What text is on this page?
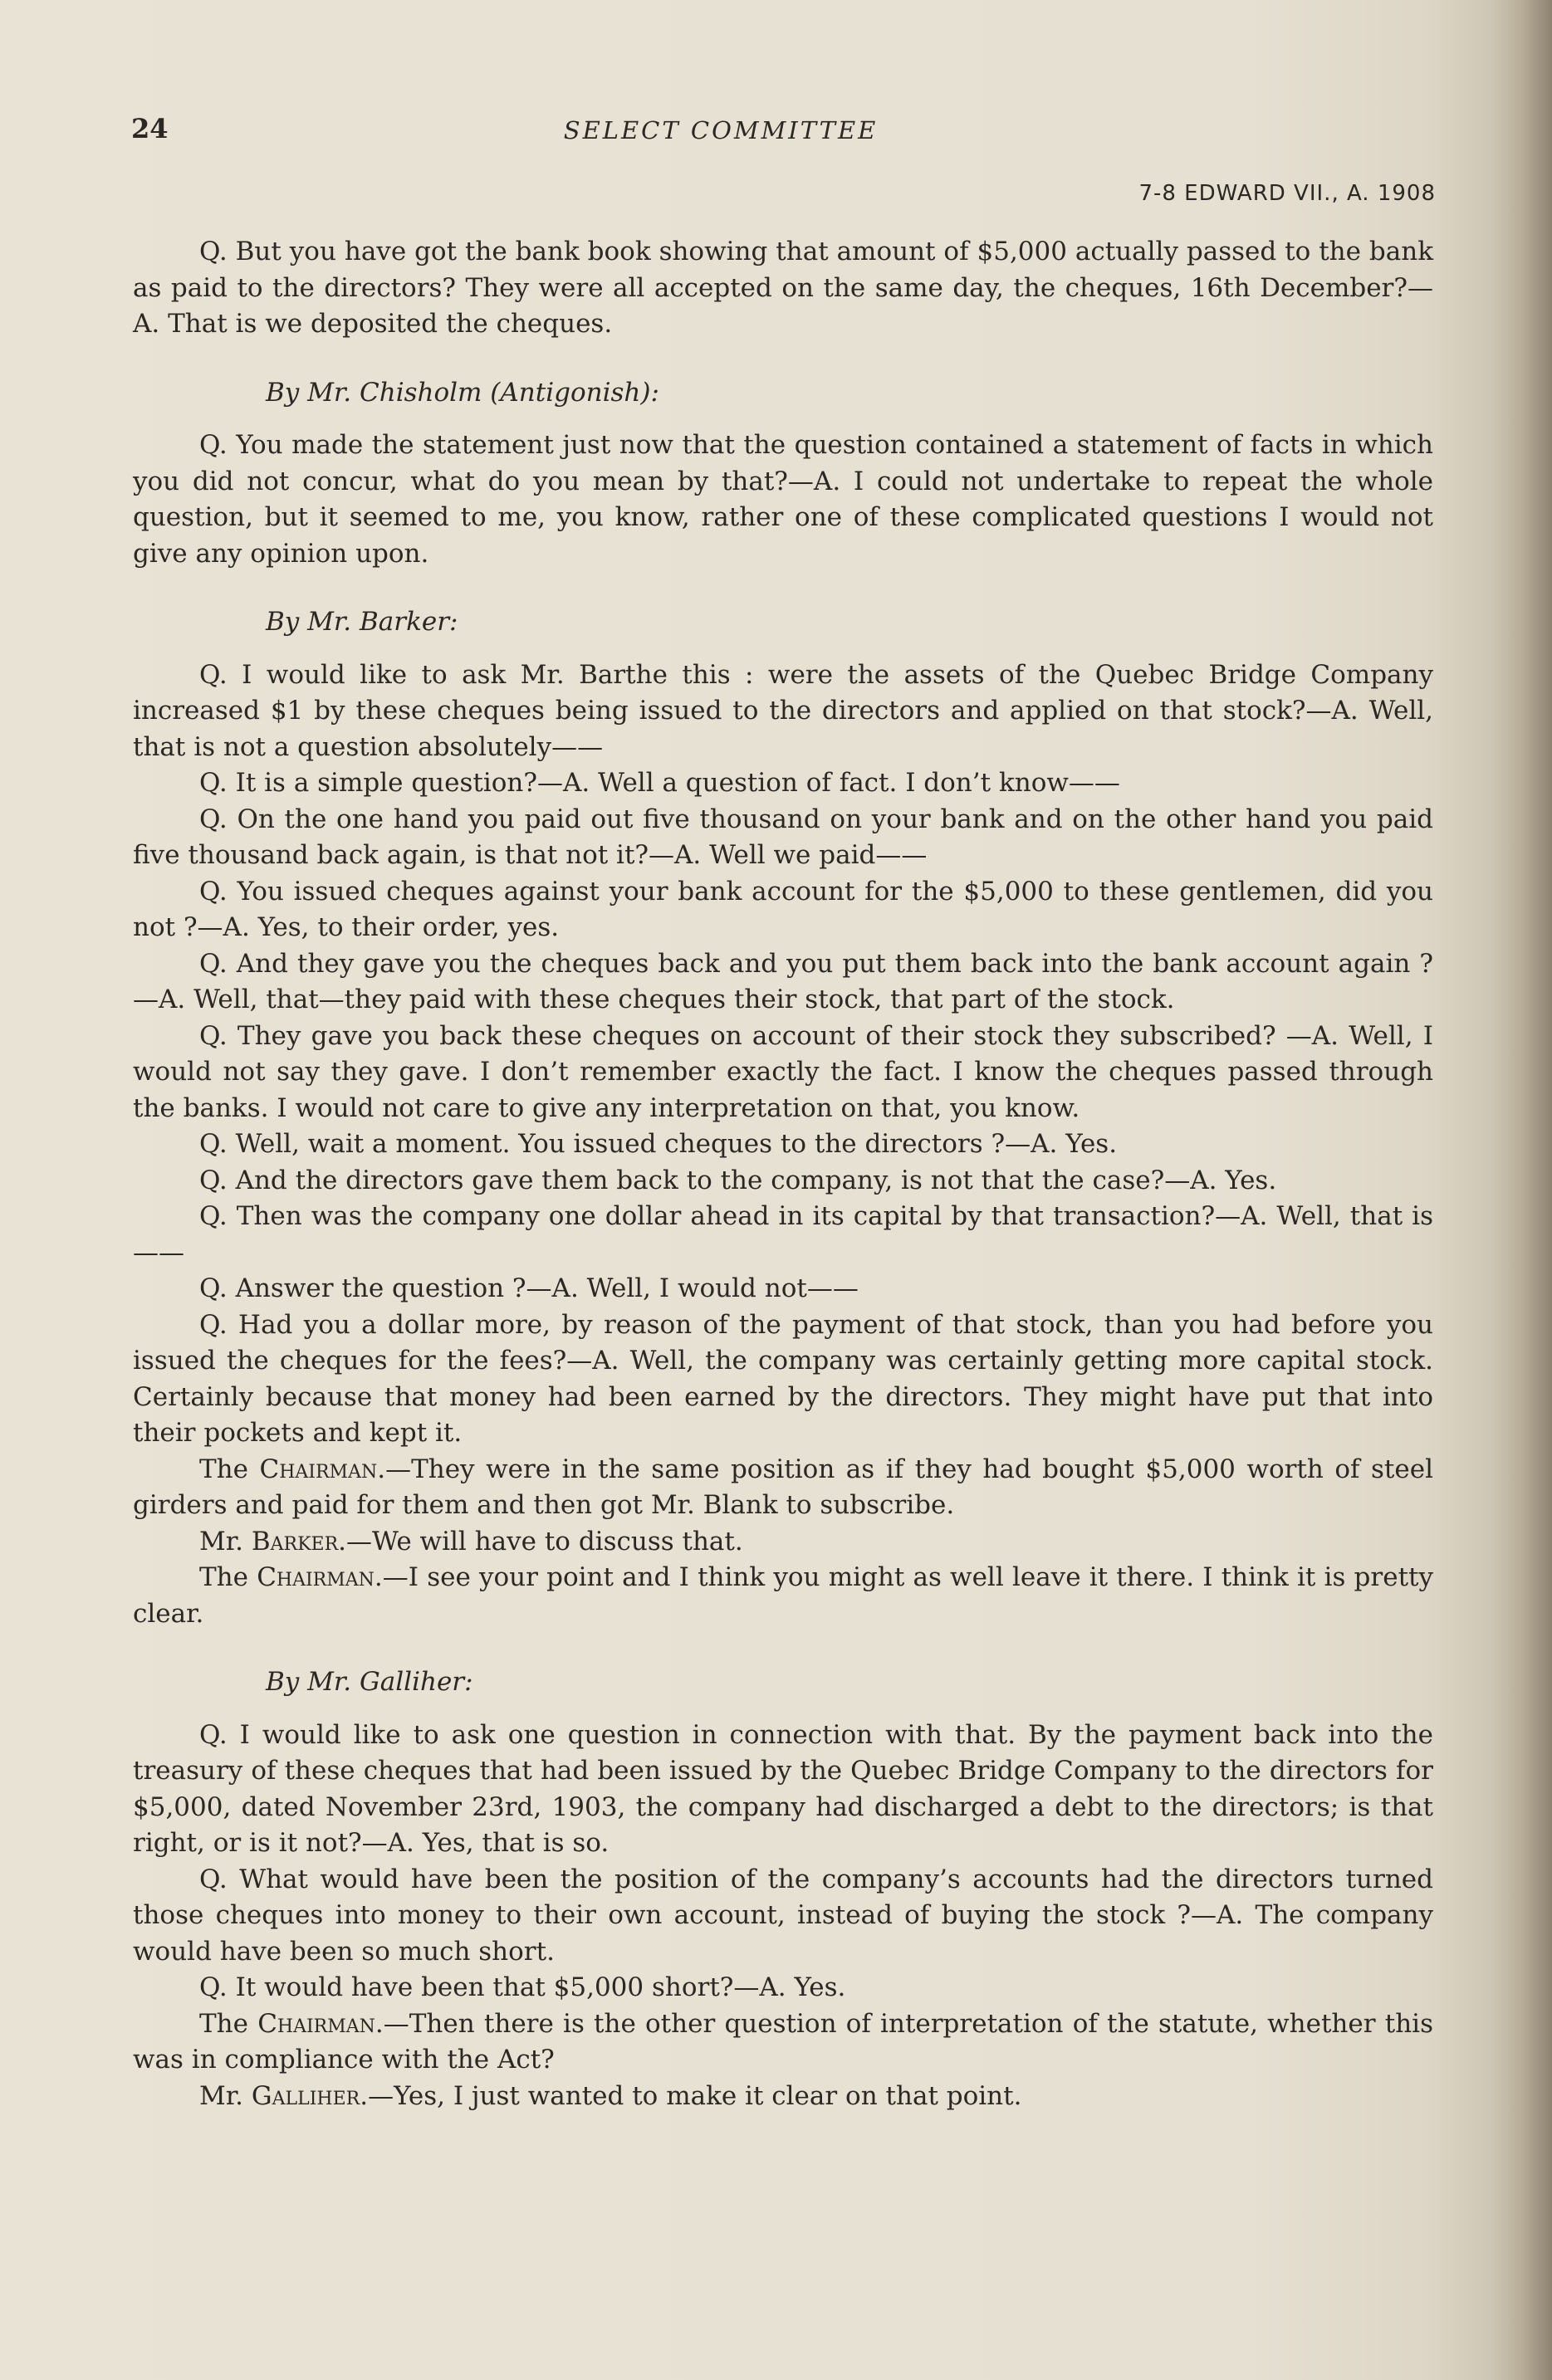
24	SELECT COMMITTEE
7-8 EDWARD VII., A. 1908

Q. But you have got the bank book showing that amount of $5,000 actually passed to the bank as paid to the directors? They were all accepted on the same day, the cheques, 16th December?—A. That is we deposited the cheques.

By Mr. Chisholm (Antigonish):

Q. You made the statement just now that the question contained a statement of facts in which you did not concur, what do you mean by that?—A. I could not undertake to repeat the whole question, but it seemed to me, you know, rather one of these complicated questions I would not give any opinion upon.

By Mr. Barker:

Q. I would like to ask Mr. Barthe this : were the assets of the Quebec Bridge Company increased $1 by these cheques being issued to the directors and applied on that stock?—A. Well, that is not a question absolutely——

Q. It is a simple question?—A. Well a question of fact. I don’t know——

Q. On the one hand you paid out five thousand on your bank and on the other hand you paid five thousand back again, is that not it?—A. Well we paid——

Q. You issued cheques against your bank account for the $5,000 to these gentlemen, did you not ?—A. Yes, to their order, yes.

Q. And they gave you the cheques back and you put them back into the bank account again ?—A. Well, that—they paid with these cheques their stock, that part of the stock.

Q. They gave you back these cheques on account of their stock they subscribed? —A. Well, I would not say they gave. I don’t remember exactly the fact. I know the cheques passed through the banks. I would not care to give any interpretation on that, you know.

Q. Well, wait a moment. You issued cheques to the directors ?—A. Yes.

Q. And the directors gave them back to the company, is not that the case?—A. Yes.

Q. Then was the company one dollar ahead in its capital by that transaction?—A. Well, that is——

Q. Answer the question ?—A. Well, I would not——

Q. Had you a dollar more, by reason of the payment of that stock, than you had before you issued the cheques for the fees?—A. Well, the company was certainly getting more capital stock. Certainly because that money had been earned by the directors. They might have put that into their pockets and kept it.

The Chairman.—They were in the same position as if they had bought $5,000 worth of steel girders and paid for them and then got Mr. Blank to subscribe.

Mr. Barker.—We will have to discuss that.

The Chairman.—I see your point and I think you might as well leave it there. I think it is pretty clear.

By Mr. Galliher:

Q. I would like to ask one question in connection with that. By the payment back into the treasury of these cheques that had been issued by the Quebec Bridge Company to the directors for $5,000, dated November 23rd, 1903, the company had discharged a debt to the directors; is that right, or is it not?—A. Yes, that is so.

Q. What would have been the position of the company’s accounts had the directors turned those cheques into money to their own account, instead of buying the stock ?—A. The company would have been so much short.

Q. It would have been that $5,000 short?—A. Yes.

The Chairman.—Then there is the other question of interpretation of the statute, whether this was in compliance with the Act?

Mr. Galliher.—Yes, I just wanted to make it clear on that point.
